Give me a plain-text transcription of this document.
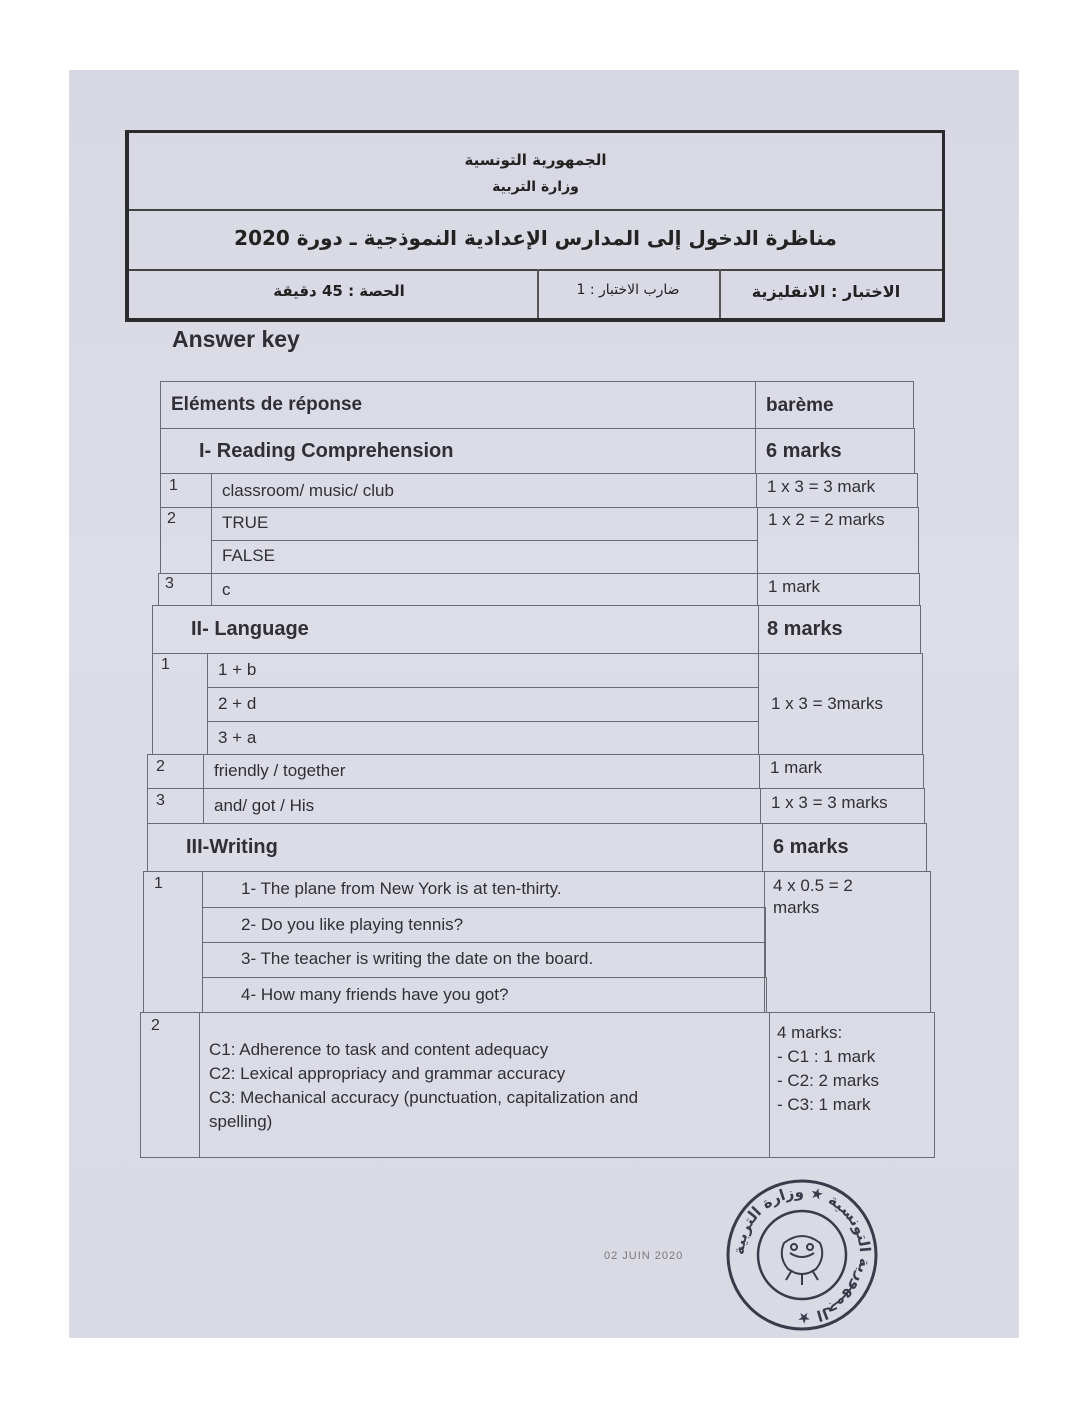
الجمهورية التونسية
وزارة التربية
مناظرة الدخول إلى المدارس الإعدادية النموذجية ـ دورة 2020
الحصة : 45 دقيقة	ضارب الاختبار : 1	الاختبار : الانقليزية
Answer key
Eléments de réponse	barème
I- Reading Comprehension	6 marks
1	classroom/ music/ club	1 x 3 = 3 mark
2	TRUE
FALSE
1 x 2 = 2 marks
3	c	1 mark
II- Language	8 marks
1	1 + b
2 + d
3 + a
1 x 3 = 3marks
2	friendly / together	1 mark
3	and/ got / His	1 x 3 = 3 marks
III-Writing	6 marks
1	1- The plane from New York is at ten-thirty.
2- Do you like playing tennis?
3- The teacher is writing the date on the board.
4- How many friends have you got?
4 x 0.5 = 2
marks
2
C1: Adherence to task and content adequacy
C2: Lexical appropriacy and grammar accuracy
C3: Mechanical accuracy (punctuation, capitalization and
spelling)
4 marks:
- C1 : 1 mark
- C2: 2 marks
- C3: 1 mark
02 JUIN 2020	الجمهورية التونسية ★ وزارة التربية ★
